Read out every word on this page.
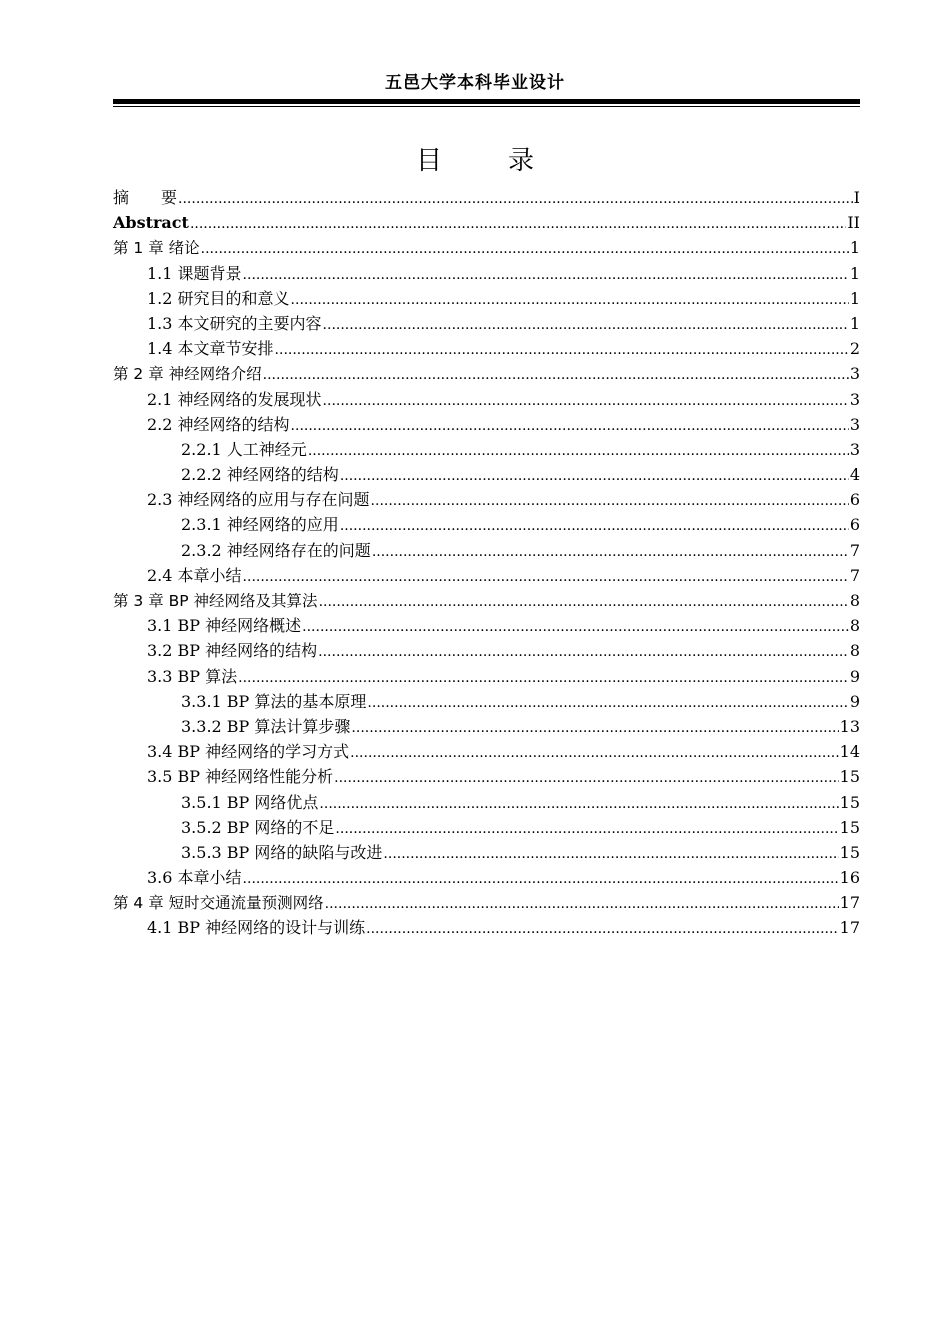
五邑大学本科毕业设计
目        录
摘　　要 .....	I
Abstract .....	II
第 1 章 绪论 .....	1
1.1 课题背景 .....	1
1.2 研究目的和意义 .....	1
1.3 本文研究的主要内容 .....	1
1.4 本文章节安排 .....	2
第 2 章 神经网络介绍 .....	3
2.1 神经网络的发展现状 .....	3
2.2 神经网络的结构 .....	3
2.2.1 人工神经元 .....	3
2.2.2 神经网络的结构 .....	4
2.3 神经网络的应用与存在问题 .....	6
2.3.1 神经网络的应用 .....	6
2.3.2 神经网络存在的问题 .....	7
2.4 本章小结 .....	7
第 3 章 BP 神经网络及其算法 .....	8
3.1 BP 神经网络概述 .....	8
3.2 BP 神经网络的结构 .....	8
3.3 BP 算法 .....	9
3.3.1 BP 算法的基本原理 .....	9
3.3.2 BP 算法计算步骤 .....	13
3.4 BP 神经网络的学习方式 .....	14
3.5 BP 神经网络性能分析 .....	15
3.5.1 BP 网络优点 .....	15
3.5.2 BP 网络的不足 .....	15
3.5.3 BP 网络的缺陷与改进 .....	15
3.6 本章小结 .....	16
第 4 章 短时交通流量预测网络 .....	17
4.1 BP 神经网络的设计与训练 .....	17
